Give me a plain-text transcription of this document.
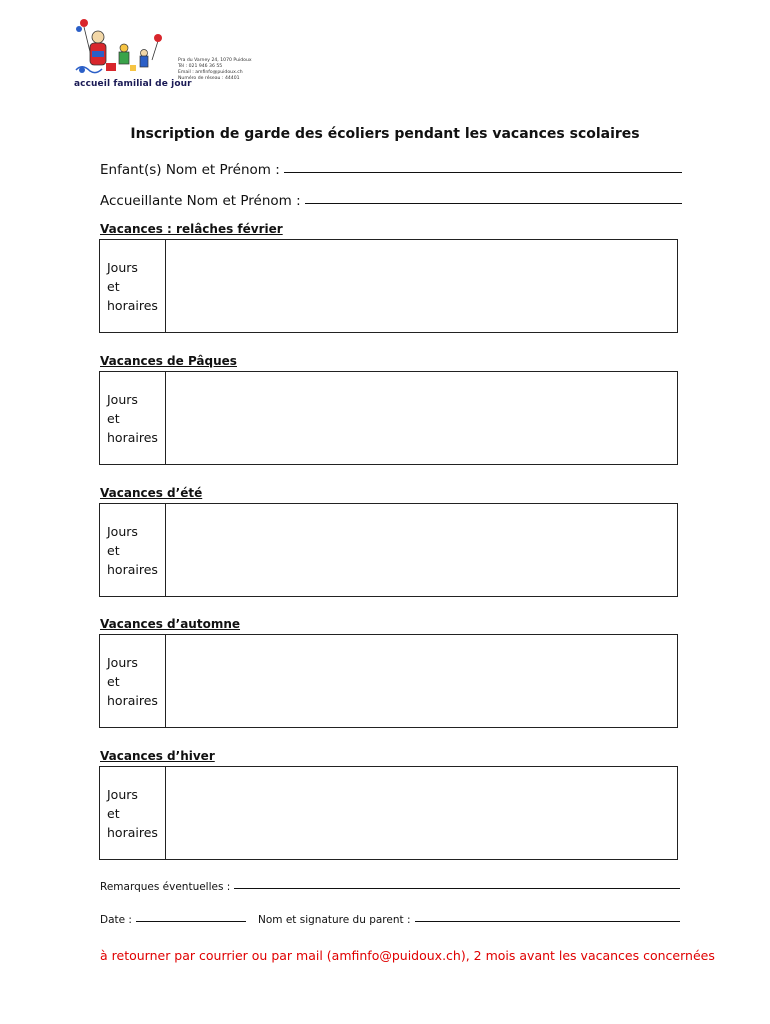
accueil familial de jour
Pra du Varney 24, 1070 Puidoux
Tél : 021 946 36 55
Email : amfinfo@puidoux.ch
Numéro de réseau : 44401
Inscription de garde des écoliers pendant les vacances scolaires
Enfant(s) Nom et Prénom :
Accueillante Nom et Prénom :
Vacances : relâches février
Jours
et
horaires
Vacances de Pâques
Jours
et
horaires
Vacances d’été
Jours
et
horaires
Vacances d’automne
Jours
et
horaires
Vacances d’hiver
Jours
et
horaires
Remarques éventuelles :
Date :	Nom et signature du parent :
à retourner par courrier ou par mail (amfinfo@puidoux.ch), 2 mois avant les vacances concernées
